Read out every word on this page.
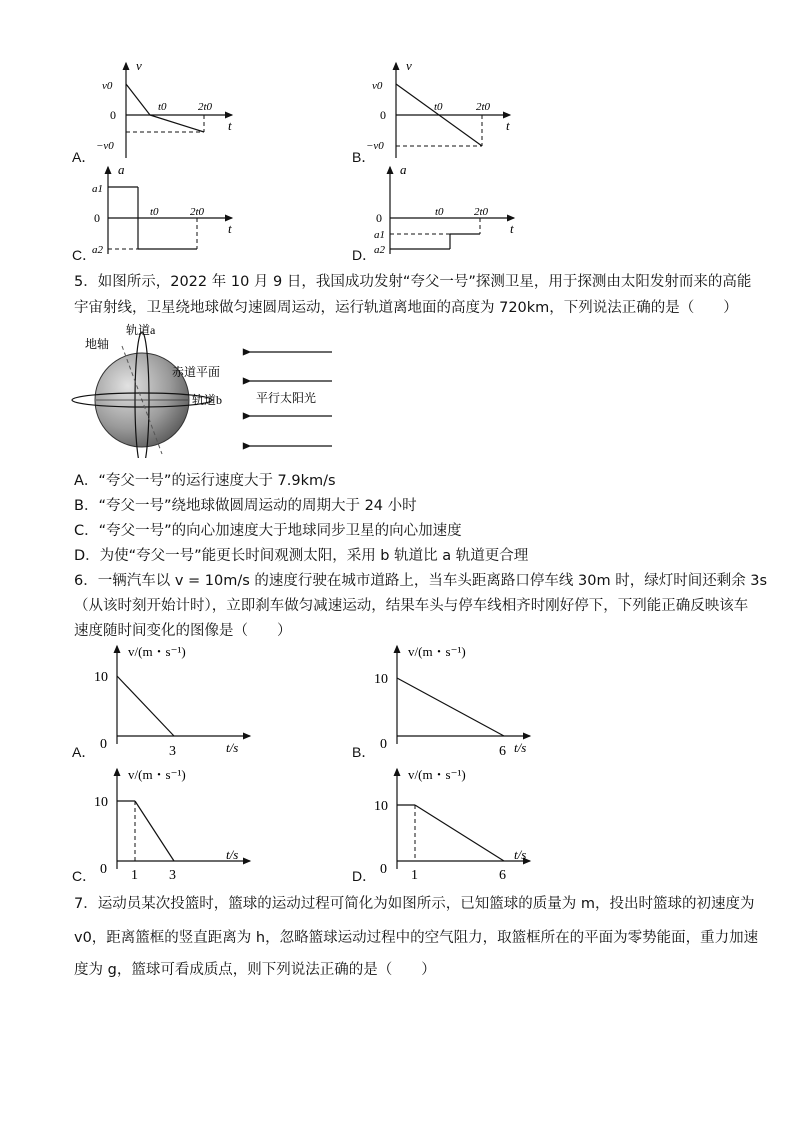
v
t
v0
0
−v0
t0	2t0
A．
v
t
v0
0
−v0
t0	2t0
B．
a
t
a1
0
a2
t0	2t0
C．
a
t
0
a1
a2
t0	2t0
D．
5．如图所示，2022 年 10 月 9 日，我国成功发射“夸父一号”探测卫星，用于探测由太阳发射而来的高能
宇宙射线，卫星绕地球做匀速圆周运动，运行轨道离地面的高度为 720km，下列说法正确的是（　　）
地轴
轨道a
赤道平面
轨道b	平行太阳光
A．“夸父一号”的运行速度大于 7.9km/s
B．“夸父一号”绕地球做圆周运动的周期大于 24 小时
C．“夸父一号”的向心加速度大于地球同步卫星的向心加速度
D．为使“夸父一号”能更长时间观测太阳，采用 b 轨道比 a 轨道更合理
6．一辆汽车以 v = 10m/s 的速度行驶在城市道路上，当车头距离路口停车线 30m 时，绿灯时间还剩余 3s
（从该时刻开始计时），立即刹车做匀减速运动，结果车头与停车线相齐时刚好停下，下列能正确反映该车
速度随时间变化的图像是（　　）
v/(m・s⁻¹)
10
0	3	t/s
A．
v/(m・s⁻¹)
10
0	6 t/s
B．
v/(m・s⁻¹)
10
0 1 3
t/s
C．
v/(m・s⁻¹)
10
0 1	6
t/s
D．
7．运动员某次投篮时，篮球的运动过程可简化为如图所示，已知篮球的质量为 m，投出时篮球的初速度为
v0，距离篮框的竖直距离为 h，忽略篮球运动过程中的空气阻力，取篮框所在的平面为零势能面，重力加速
度为 g，篮球可看成质点，则下列说法正确的是（　　）
